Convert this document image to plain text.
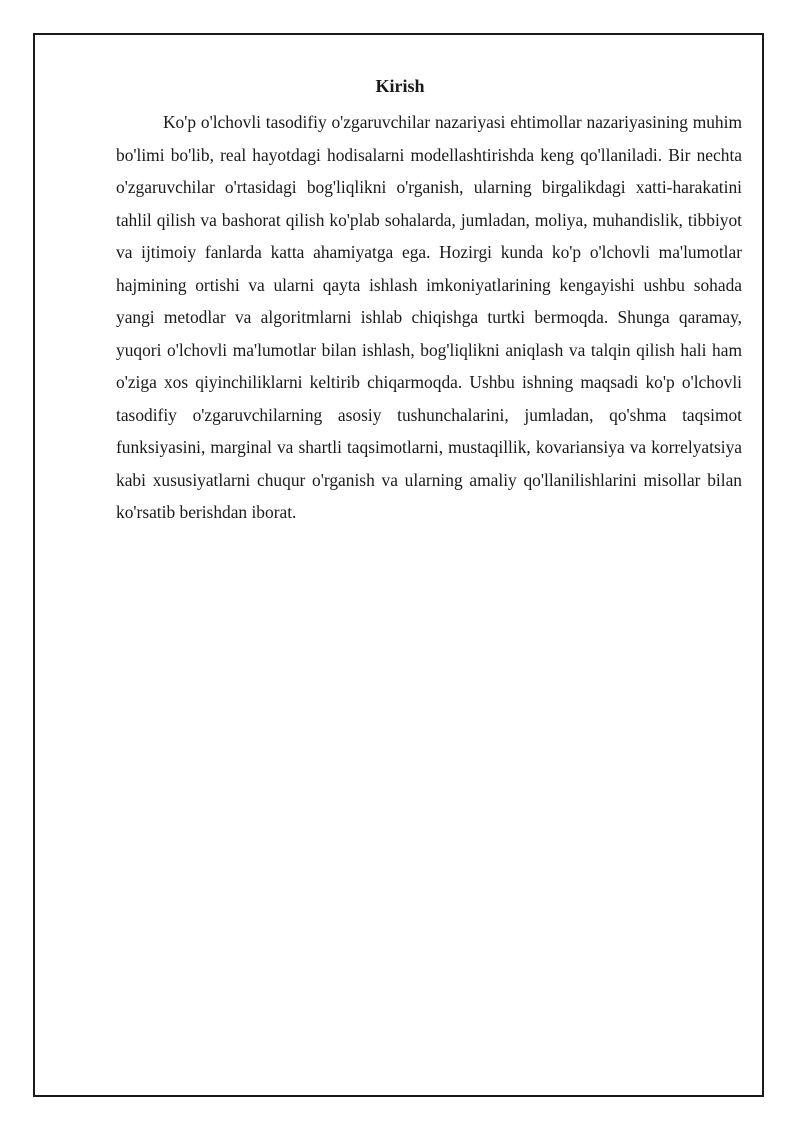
Kirish

Ko'p o'lchovli tasodifiy o'zgaruvchilar nazariyasi ehtimollar nazariyasining muhim bo'limi bo'lib, real hayotdagi hodisalarni modellashtirishda keng qo'llaniladi. Bir nechta o'zgaruvchilar o'rtasidagi bog'liqlikni o'rganish, ularning birgalikdagi xatti-harakatini tahlil qilish va bashorat qilish ko'plab sohalarda, jumladan, moliya, muhandislik, tibbiyot va ijtimoiy fanlarda katta ahamiyatga ega. Hozirgi kunda ko'p o'lchovli ma'lumotlar hajmining ortishi va ularni qayta ishlash imkoniyatlarining kengayishi ushbu sohada yangi metodlar va algoritmlarni ishlab chiqishga turtki bermoqda. Shunga qaramay, yuqori o'lchovli ma'lumotlar bilan ishlash, bog'liqlikni aniqlash va talqin qilish hali ham o'ziga xos qiyinchiliklarni keltirib chiqarmoqda. Ushbu ishning maqsadi ko'p o'lchovli tasodifiy o'zgaruvchilarning asosiy tushunchalarini, jumladan, qo'shma taqsimot funksiyasini, marginal va shartli taqsimotlarni, mustaqillik, kovariansiya va korrelyatsiya kabi xususiyatlarni chuqur o'rganish va ularning amaliy qo'llanilishlarini misollar bilan ko'rsatib berishdan iborat.
